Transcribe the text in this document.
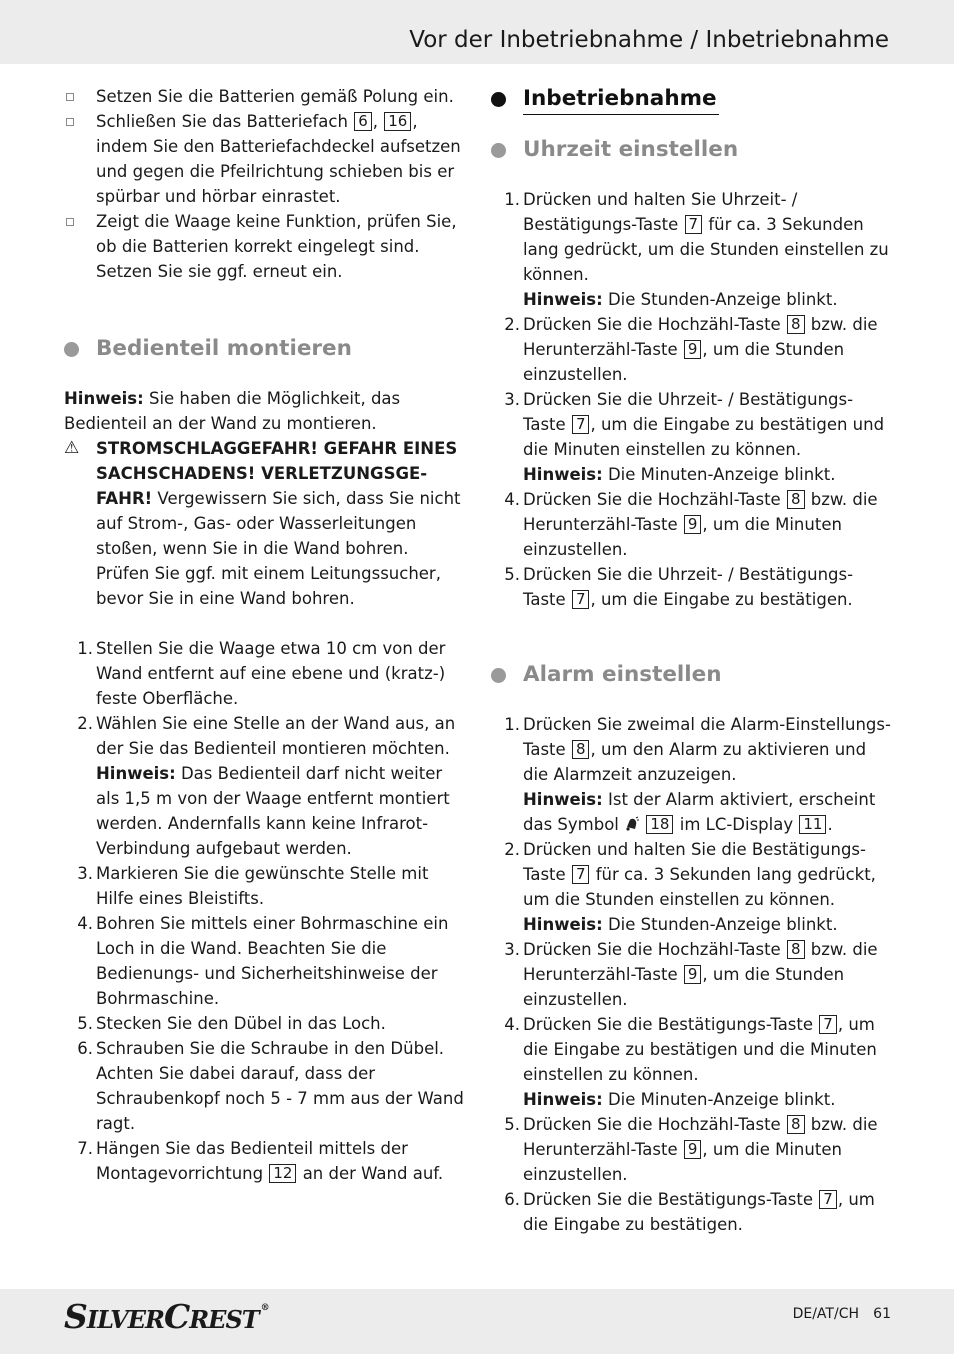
Vor der Inbetriebnahme / Inbetriebnahme
Setzen Sie die Batterien gemäß Polung ein.
Schließen Sie das Batteriefach 6 , 16 , indem Sie den Batteriefachdeckel aufsetzen und gegen die Pfeilrichtung schieben bis er spürbar und hörbar einrastet.
Zeigt die Waage keine Funktion, prüfen Sie, ob die Batterien korrekt eingelegt sind. Setzen Sie sie ggf. erneut ein.
Bedienteil montieren

Hinweis: Sie haben die Möglichkeit, das Bedienteil an der Wand zu montieren.

⚠ STROMSCHLAGGEFAHR! GEFAHR EINES SACHSCHADENS! VERLETZUNGSGEFAHR! Vergewissern Sie sich, dass Sie nicht auf Strom-, Gas- oder Wasserleitungen stoßen, wenn Sie in die Wand bohren. Prüfen Sie ggf. mit einem Leitungssucher, bevor Sie in eine Wand bohren.
1. Stellen Sie die Waage etwa 10 cm von der Wand entfernt auf eine ebene und (kratz-) feste Oberfläche.
2. Wählen Sie eine Stelle an der Wand aus, an der Sie das Bedienteil montieren möchten.
Hinweis: Das Bedienteil darf nicht weiter als 1,5 m von der Waage entfernt montiert werden. Andernfalls kann keine Infrarot-Verbindung aufgebaut werden.
3. Markieren Sie die gewünschte Stelle mit Hilfe eines Bleistifts.
4. Bohren Sie mittels einer Bohrmaschine ein Loch in die Wand. Beachten Sie die Bedienungs- und Sicherheitshinweise der Bohrmaschine.
5. Stecken Sie den Dübel in das Loch.
6. Schrauben Sie die Schraube in den Dübel. Achten Sie dabei darauf, dass der Schraubenkopf noch 5 - 7 mm aus der Wand ragt.
7. Hängen Sie das Bedienteil mittels der Montagevorrichtung 12 an der Wand auf.
Inbetriebnahme
Uhrzeit einstellen
1. Drücken und halten Sie Uhrzeit- / Bestätigungs-Taste 7 für ca. 3 Sekunden lang gedrückt, um die Stunden einstellen zu können.
Hinweis: Die Stunden-Anzeige blinkt.
2. Drücken Sie die Hochzähl-Taste 8 bzw. die Herunterzähl-Taste 9 , um die Stunden einzustellen.
3. Drücken Sie die Uhrzeit- / Bestätigungs-Taste 7 , um die Eingabe zu bestätigen und die Minuten einstellen zu können.
Hinweis: Die Minuten-Anzeige blinkt.
4. Drücken Sie die Hochzähl-Taste 8 bzw. die Herunterzähl-Taste 9 , um die Minuten einzustellen.
5. Drücken Sie die Uhrzeit- / Bestätigungs-Taste 7 , um die Eingabe zu bestätigen.
Alarm einstellen
1. Drücken Sie zweimal die Alarm-Einstellungs-Taste 8 , um den Alarm zu aktivieren und die Alarmzeit anzuzeigen.
Hinweis: Ist der Alarm aktiviert, erscheint das Symbol 18 im LC-Display 11 .
2. Drücken und halten Sie die Bestätigungs-Taste 7 für ca. 3 Sekunden lang gedrückt, um die Stunden einstellen zu können.
Hinweis: Die Stunden-Anzeige blinkt.
3. Drücken Sie die Hochzähl-Taste 8 bzw. die Herunterzähl-Taste 9 , um die Stunden einzustellen.
4. Drücken Sie die Bestätigungs-Taste 7 , um die Eingabe zu bestätigen und die Minuten einstellen zu können.
Hinweis: Die Minuten-Anzeige blinkt.
5. Drücken Sie die Hochzähl-Taste 8 bzw. die Herunterzähl-Taste 9 , um die Minuten einzustellen.
6. Drücken Sie die Bestätigungs-Taste 7 , um die Eingabe zu bestätigen.
SILVERCREST ®	DE/AT/CH 61
